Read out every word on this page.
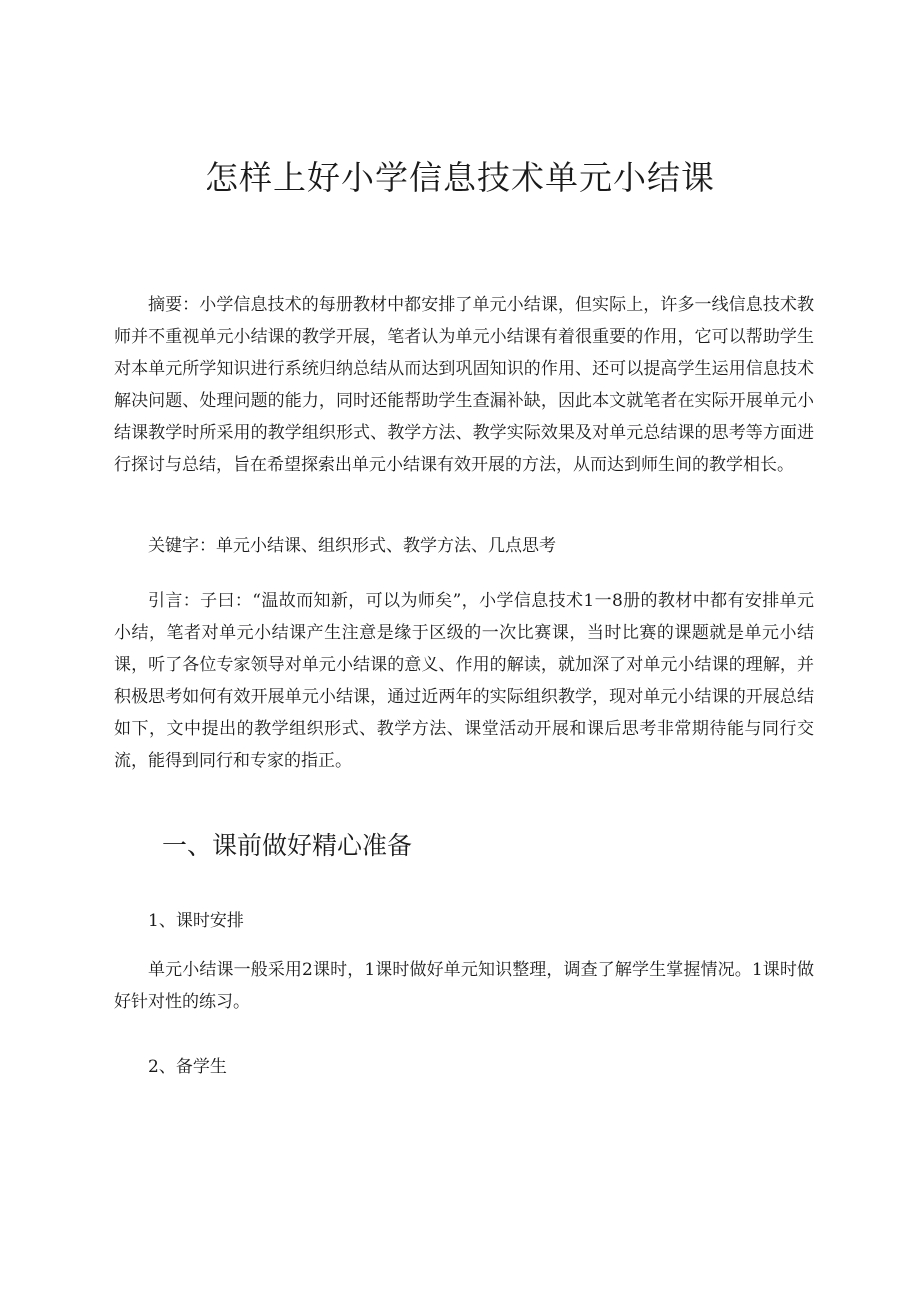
怎样上好小学信息技术单元小结课

摘要：小学信息技术的每册教材中都安排了单元小结课，但实际上，许多一线信息技术教师并不重视单元小结课的教学开展，笔者认为单元小结课有着很重要的作用，它可以帮助学生对本单元所学知识进行系统归纳总结从而达到巩固知识的作用、还可以提高学生运用信息技术解决问题、处理问题的能力，同时还能帮助学生查漏补缺，因此本文就笔者在实际开展单元小结课教学时所采用的教学组织形式、教学方法、教学实际效果及对单元总结课的思考等方面进行探讨与总结，旨在希望探索出单元小结课有效开展的方法，从而达到师生间的教学相长。

关键字：单元小结课、组织形式、教学方法、几点思考

引言：子曰：“温故而知新，可以为师矣”，小学信息技术1一8册的教材中都有安排单元小结，笔者对单元小结课产生注意是缘于区级的一次比赛课，当时比赛的课题就是单元小结课，听了各位专家领导对单元小结课的意义、作用的解读，就加深了对单元小结课的理解，并积极思考如何有效开展单元小结课，通过近两年的实际组织教学，现对单元小结课的开展总结如下，文中提出的教学组织形式、教学方法、课堂活动开展和课后思考非常期待能与同行交流，能得到同行和专家的指正。

一、课前做好精心准备
1、课时安排

单元小结课一般采用2课时，1课时做好单元知识整理，调查了解学生掌握情况。1课时做好针对性的练习。

2、备学生
